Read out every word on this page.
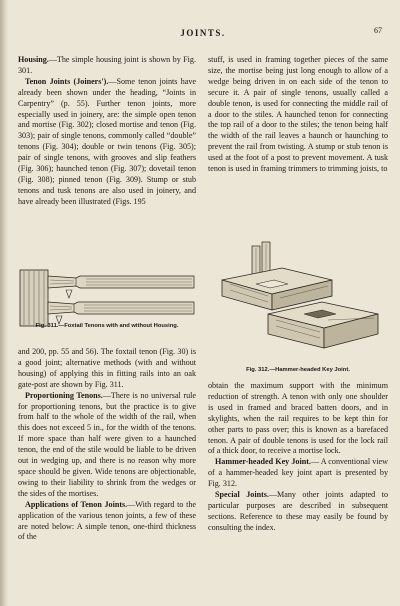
JOINTS.	67

Housing.—The simple housing joint is shown by Fig. 301.

Tenon Joints (Joiners').—Some tenon joints have already been shown under the heading, “Joints in Carpentry” (p. 55). Further tenon joints, more especially used in joinery, are: the simple open tenon and mortise (Fig. 302); closed mortise and tenon (Fig. 303); pair of single tenons, commonly called “double” tenons (Fig. 304); double or twin tenons (Fig. 305); pair of single tenons, with grooves and slip feathers (Fig. 306); haunched tenon (Fig. 307); dovetail tenon (Fig. 308); pinned tenon (Fig. 309). Stump or stub tenons and tusk tenons are also used in joinery, and have already been illustrated (Figs. 195

stuff, is used in framing together pieces of the same size, the mortise being just long enough to allow of a wedge being driven in on each side of the tenon to secure it. A pair of single tenons, usually called a double tenon, is used for connecting the middle rail of a door to the stiles. A haunched tenon for connecting the top rail of a door to the stiles; the tenon being half the width of the rail leaves a haunch or haunching to prevent the rail from twisting. A stump or stub tenon is used at the foot of a post to prevent movement. A tusk tenon is used in framing trimmers to trimming joists, to

Fig. 311.—Foxtail Tenons with and without Housing.
Fig. 312.—Hammer-headed Key Joint.

and 200, pp. 55 and 56). The foxtail tenon (Fig. 30) is a good joint; alternative methods (with and without housing) of applying this in fitting rails into an oak gate-post are shown by Fig. 311.

Proportioning Tenons.—There is no universal rule for proportioning tenons, but the practice is to give from half to the whole of the width of the rail, when this does not exceed 5 in., for the width of the tenons. If more space than half were given to a haunched tenon, the end of the stile would be liable to be driven out in wedging up, and there is no reason why more space should be given. Wide tenons are objectionable, owing to their liability to shrink from the wedges or the sides of the mortises.

Applications of Tenon Joints.—With regard to the application of the various tenon joints, a few of these are noted below: A simple tenon, one-third thickness of the

obtain the maximum support with the minimum reduction of strength. A tenon with only one shoulder is used in framed and braced batten doors, and in skylights, when the rail requires to be kept thin for other parts to pass over; this is known as a barefaced tenon. A pair of double tenons is used for the lock rail of a thick door, to receive a mortise lock.

Hammer-headed Key Joint.— A conventional view of a hammer-headed key joint apart is presented by Fig. 312.

Special Joints.—Many other joints adapted to particular purposes are described in subsequent sections. Reference to these may easily be found by consulting the index.
